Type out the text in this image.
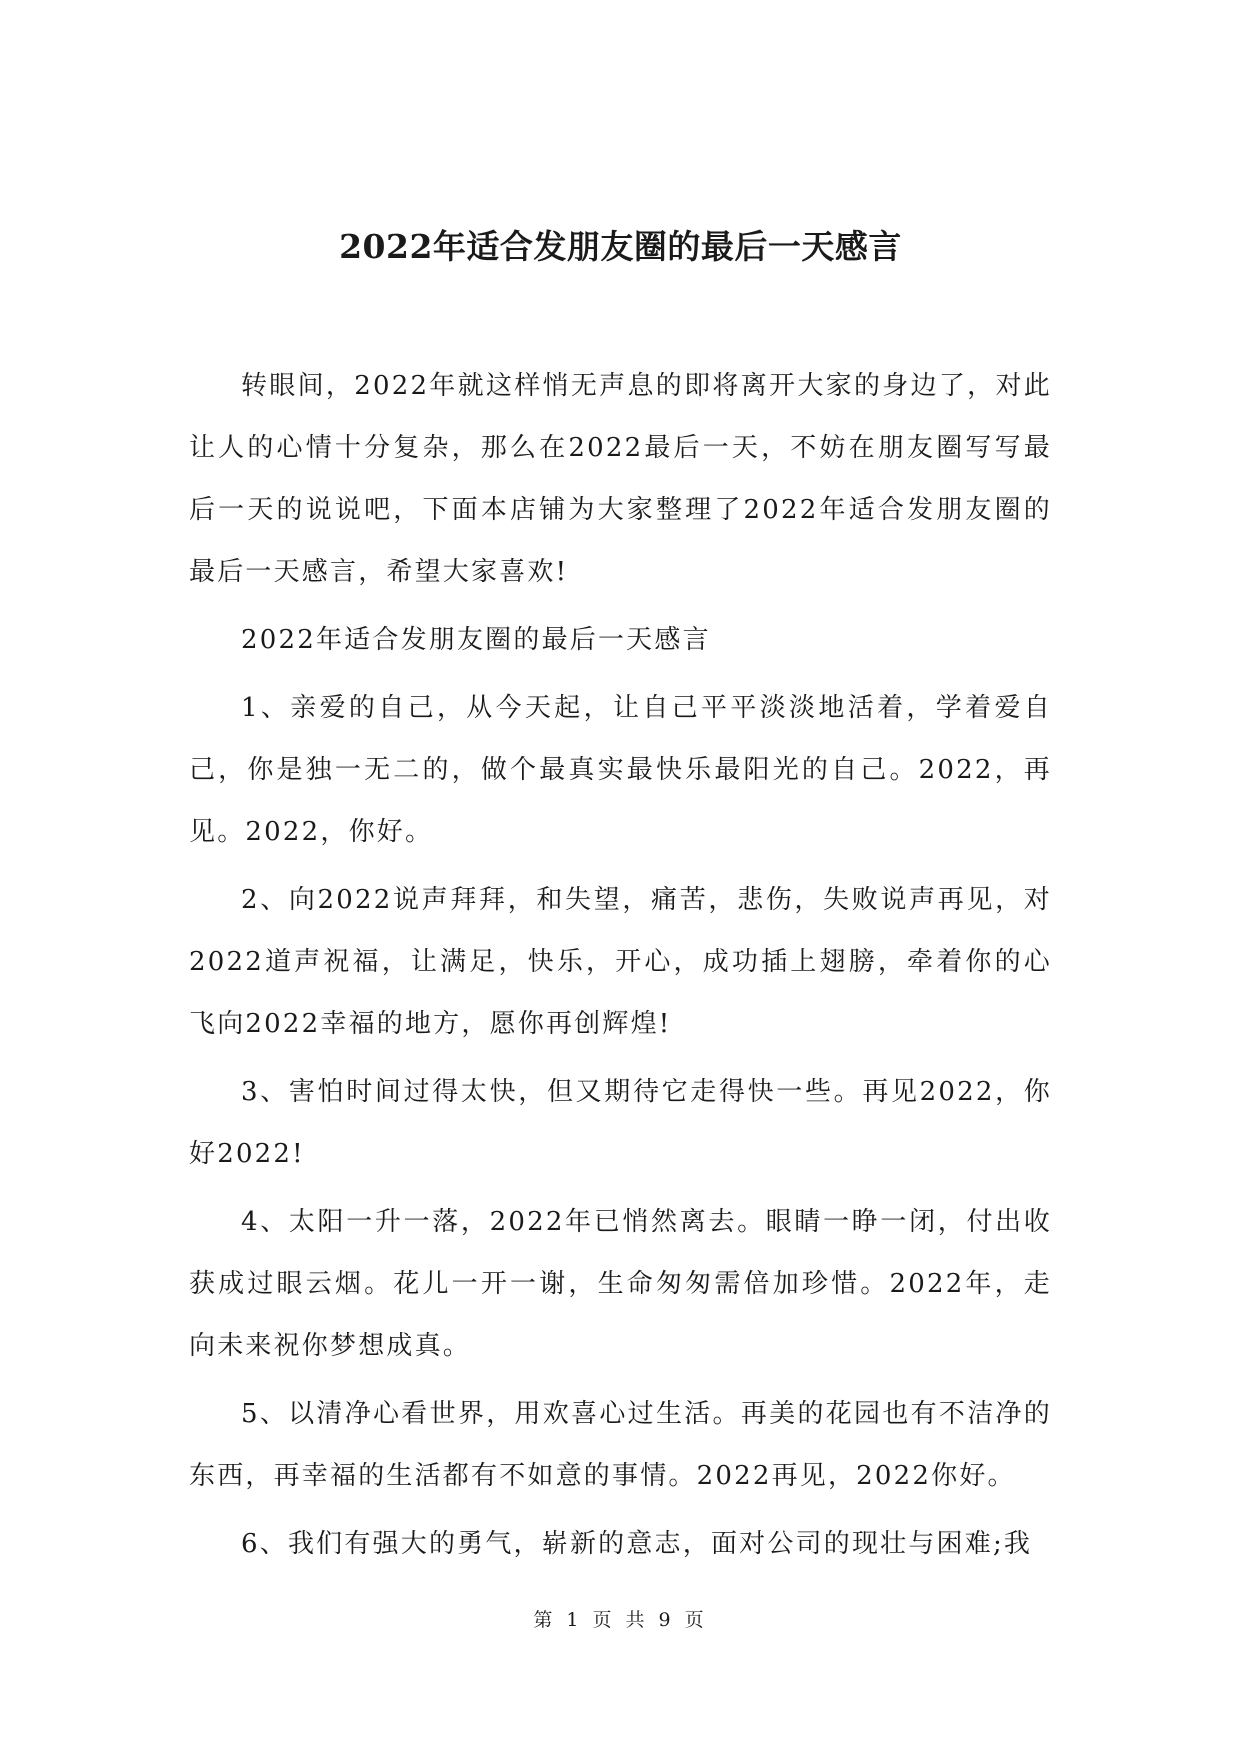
2022年适合发朋友圈的最后一天感言

转眼间，2022年就这样悄无声息的即将离开大家的身边了，对此让人的心情十分复杂，那么在2022最后一天，不妨在朋友圈写写最后一天的说说吧，下面本店铺为大家整理了2022年适合发朋友圈的最后一天感言，希望大家喜欢!

2022年适合发朋友圈的最后一天感言

1、亲爱的自己，从今天起，让自己平平淡淡地活着，学着爱自己，你是独一无二的，做个最真实最快乐最阳光的自己。2022，再见。2022，你好。

2、向2022说声拜拜，和失望，痛苦，悲伤，失败说声再见，对2022道声祝福，让满足，快乐，开心，成功插上翅膀，牵着你的心飞向2022幸福的地方，愿你再创辉煌!

3、害怕时间过得太快，但又期待它走得快一些。再见2022，你好2022!

4、太阳一升一落，2022年已悄然离去。眼睛一睁一闭，付出收获成过眼云烟。花儿一开一谢，生命匆匆需倍加珍惜。2022年，走向未来祝你梦想成真。

5、以清净心看世界，用欢喜心过生活。再美的花园也有不洁净的东西，再幸福的生活都有不如意的事情。2022再见，2022你好。

6、我们有强大的勇气，崭新的意志，面对公司的现壮与困难;我

第 1 页 共 9 页
